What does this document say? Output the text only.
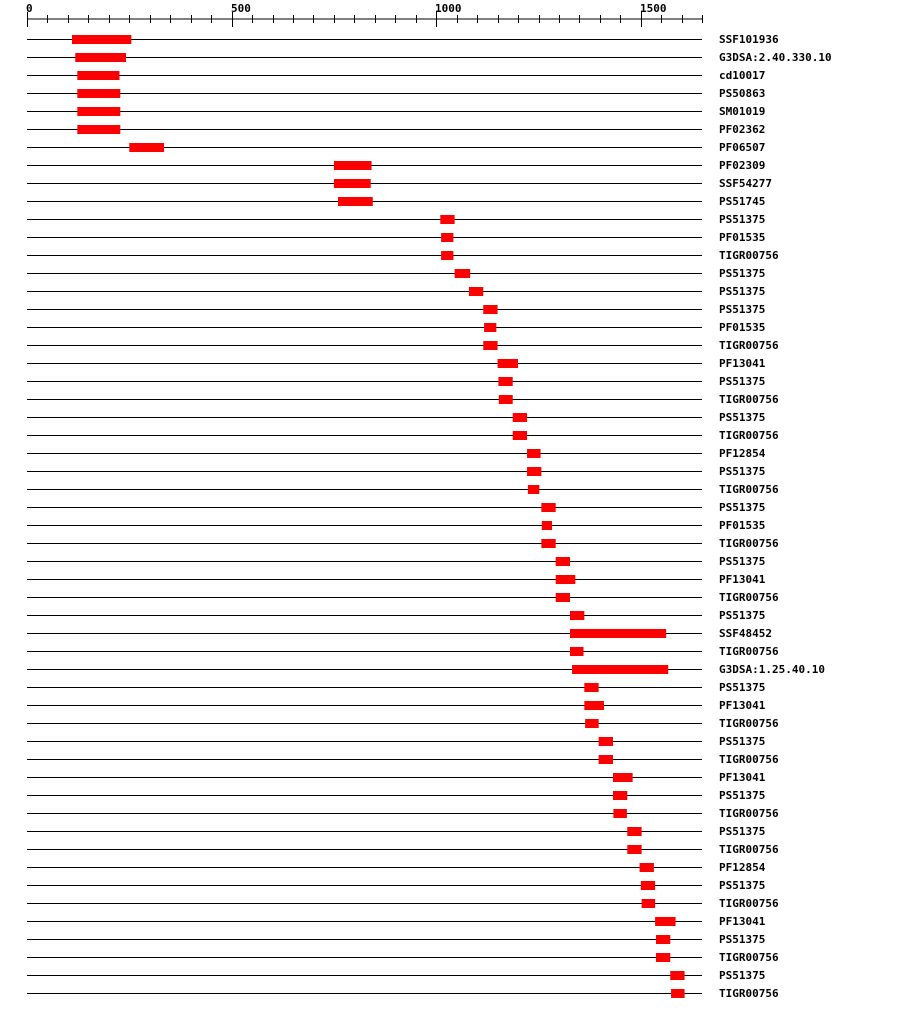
0	500	1000	1500
SSF101936
G3DSA:2.40.330.10
cd10017
PS50863
SM01019
PF02362
PF06507
PF02309
SSF54277
PS51745
PS51375
PF01535
TIGR00756
PS51375
PS51375
PS51375
PF01535
TIGR00756
PF13041
PS51375
TIGR00756
PS51375
TIGR00756
PF12854
PS51375
TIGR00756
PS51375
PF01535
TIGR00756
PS51375
PF13041
TIGR00756
PS51375
SSF48452
TIGR00756
G3DSA:1.25.40.10
PS51375
PF13041
TIGR00756
PS51375
TIGR00756
PF13041
PS51375
TIGR00756
PS51375
TIGR00756
PF12854
PS51375
TIGR00756
PF13041
PS51375
TIGR00756
PS51375
TIGR00756
